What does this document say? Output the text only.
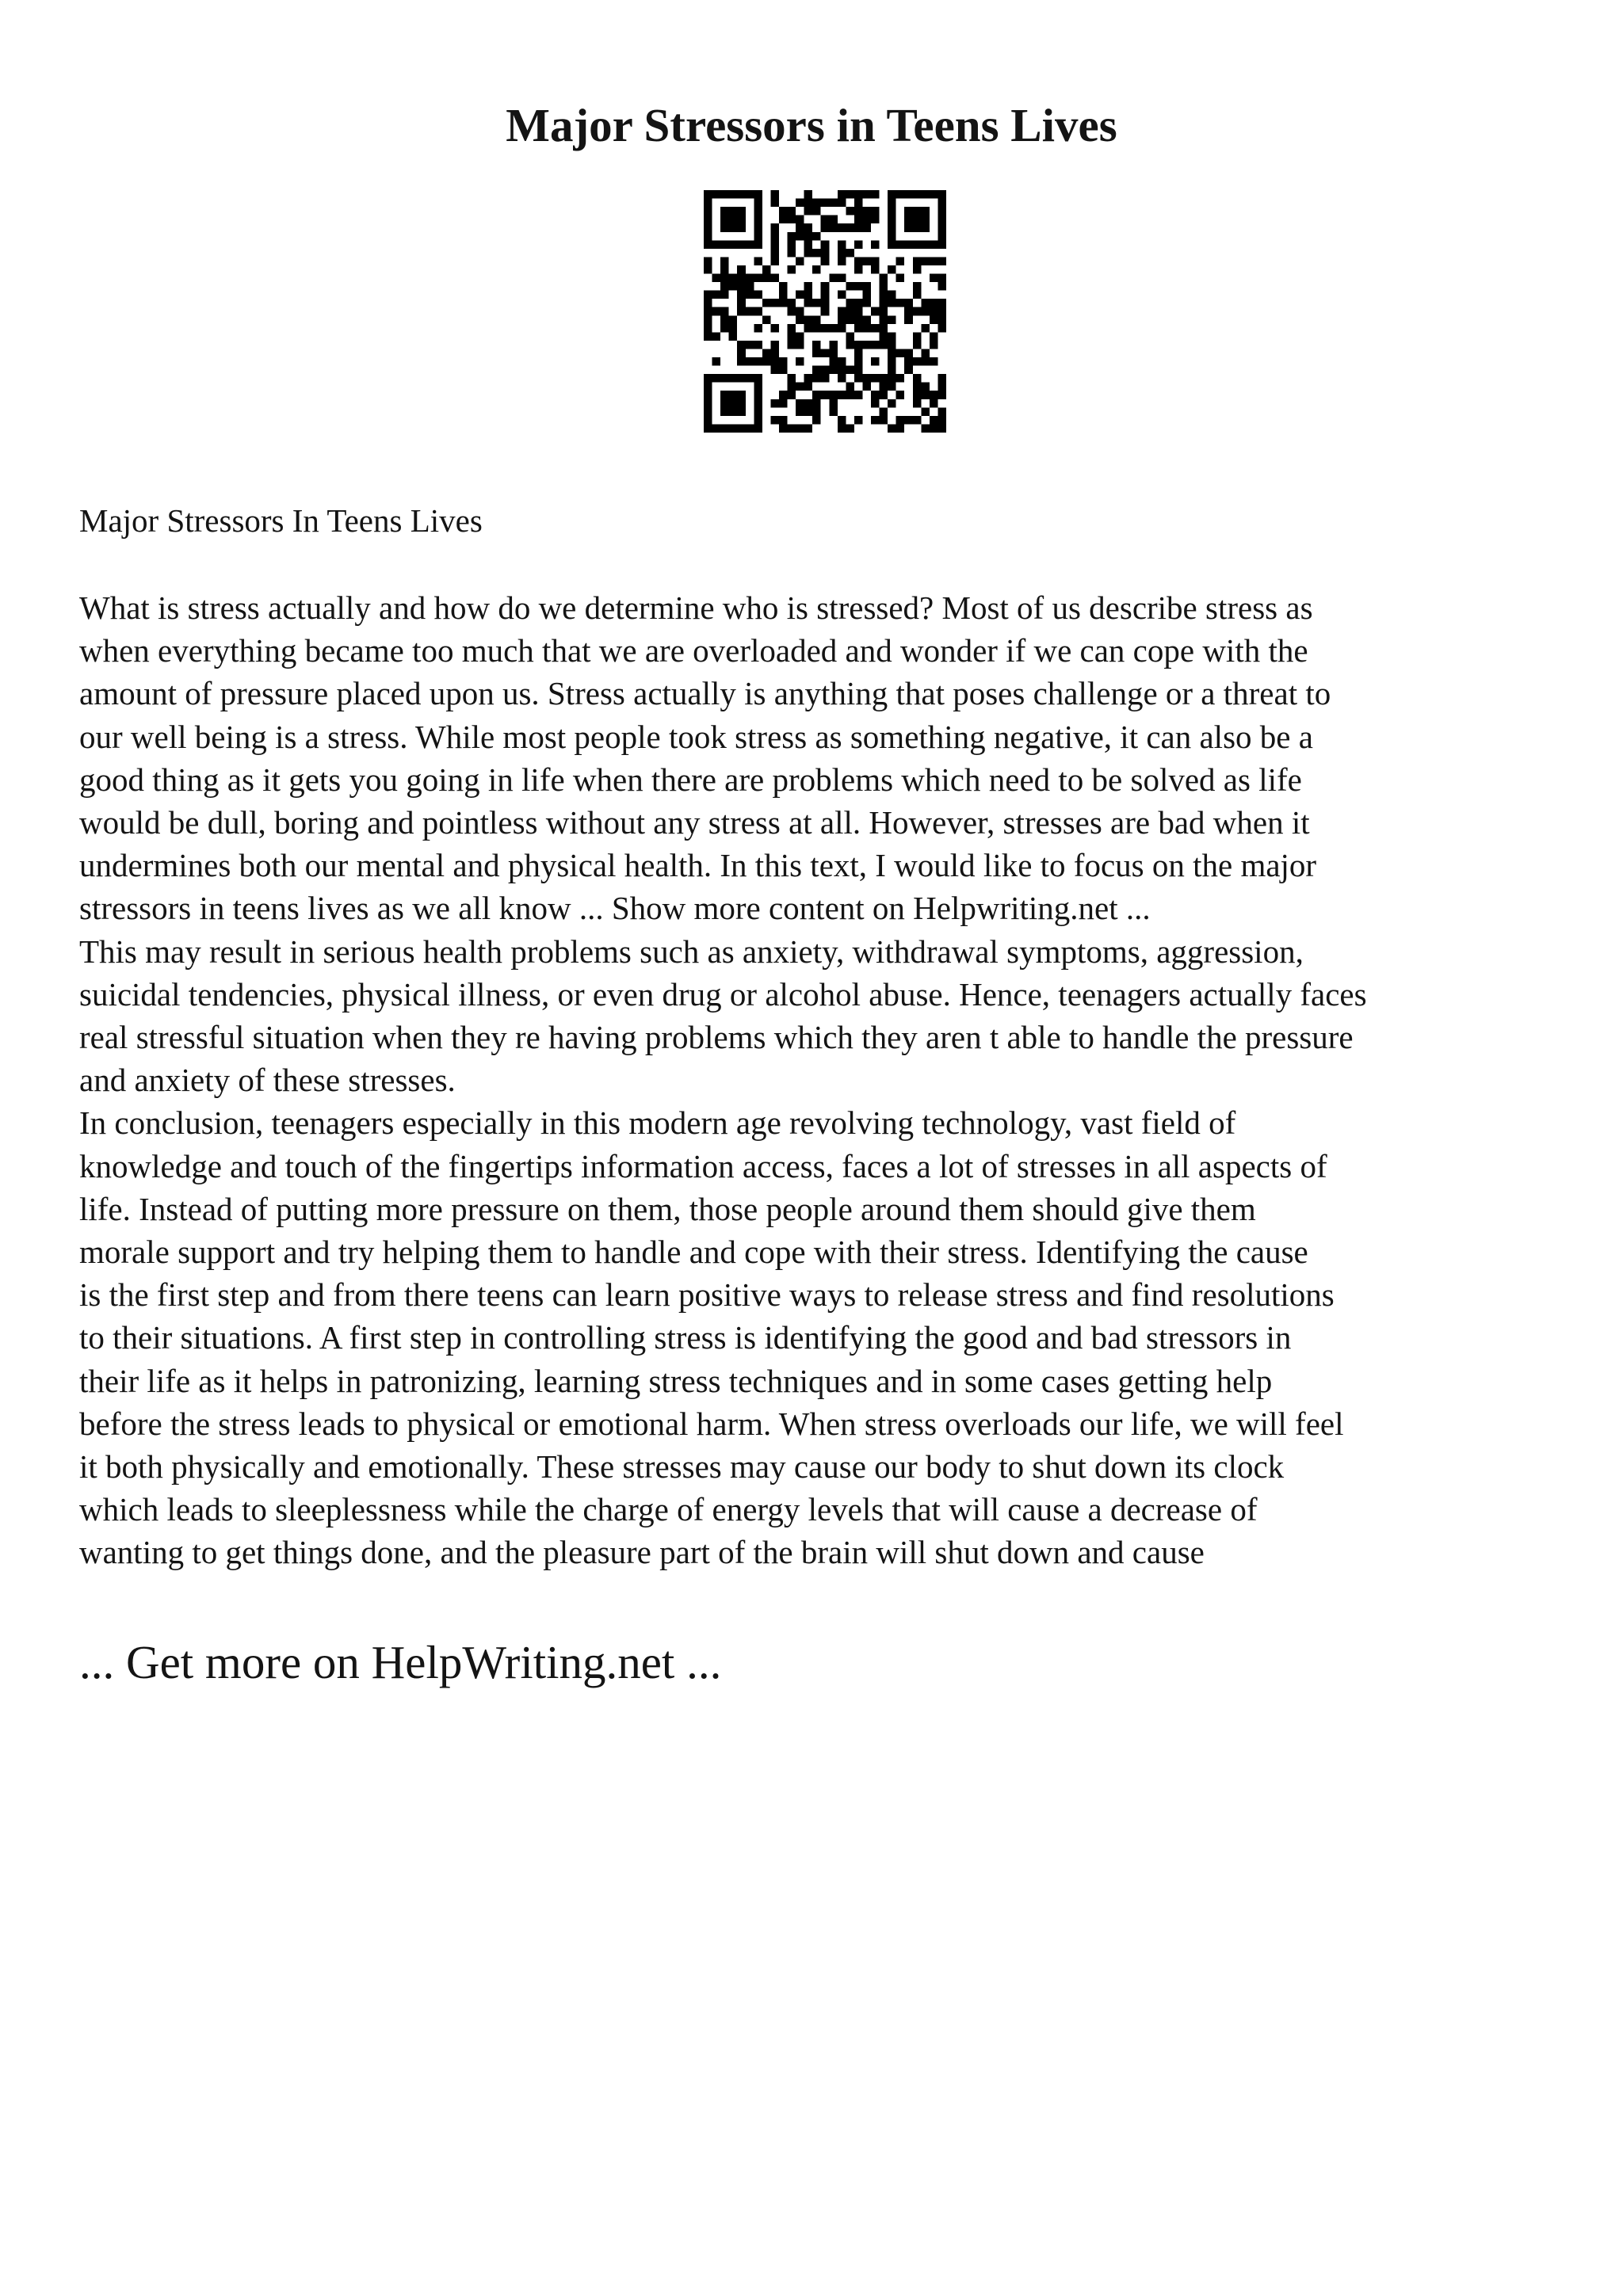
Major Stressors in Teens Lives

Major Stressors In Teens Lives

What is stress actually and how do we determine who is stressed? Most of us describe stress as
when everything became too much that we are overloaded and wonder if we can cope with the
amount of pressure placed upon us. Stress actually is anything that poses challenge or a threat to
our well being is a stress. While most people took stress as something negative, it can also be a
good thing as it gets you going in life when there are problems which need to be solved as life
would be dull, boring and pointless without any stress at all. However, stresses are bad when it
undermines both our mental and physical health. In this text, I would like to focus on the major
stressors in teens lives as we all know ... Show more content on Helpwriting.net ...
This may result in serious health problems such as anxiety, withdrawal symptoms, aggression,
suicidal tendencies, physical illness, or even drug or alcohol abuse. Hence, teenagers actually faces
real stressful situation when they re having problems which they aren t able to handle the pressure
and anxiety of these stresses.
In conclusion, teenagers especially in this modern age revolving technology, vast field of
knowledge and touch of the fingertips information access, faces a lot of stresses in all aspects of
life. Instead of putting more pressure on them, those people around them should give them
morale support and try helping them to handle and cope with their stress. Identifying the cause
is the first step and from there teens can learn positive ways to release stress and find resolutions
to their situations. A first step in controlling stress is identifying the good and bad stressors in
their life as it helps in patronizing, learning stress techniques and in some cases getting help
before the stress leads to physical or emotional harm. When stress overloads our life, we will feel
it both physically and emotionally. These stresses may cause our body to shut down its clock
which leads to sleeplessness while the charge of energy levels that will cause a decrease of
wanting to get things done, and the pleasure part of the brain will shut down and cause

... Get more on HelpWriting.net ...
